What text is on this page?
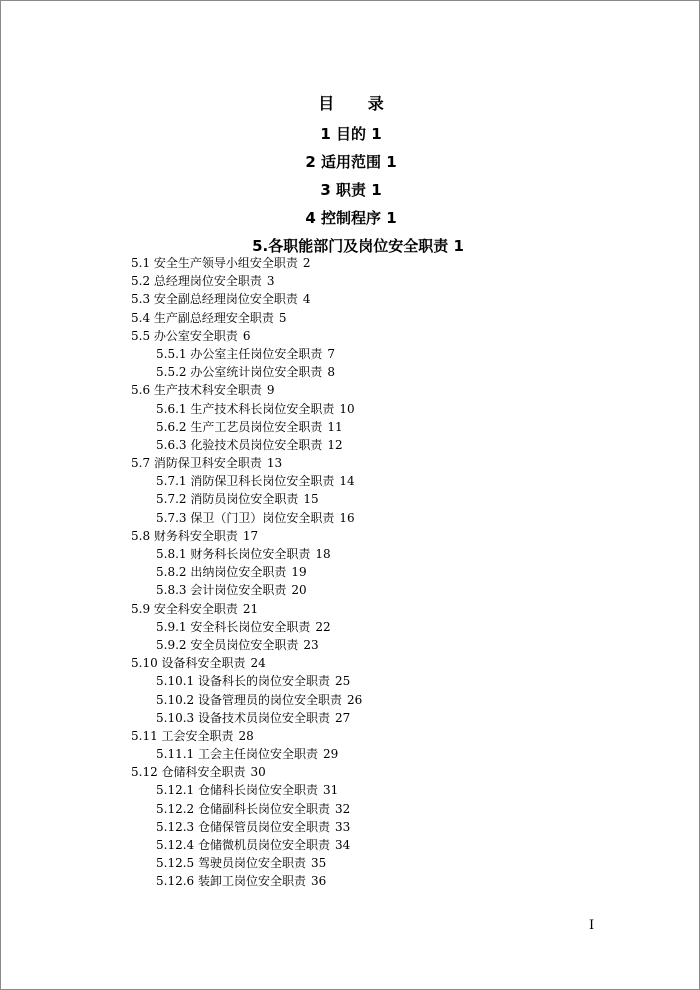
目 录
1 目的 1
2 适用范围 1
3 职责 1
4 控制程序 1
5.各职能部门及岗位安全职责 1
5.1 安全生产领导小组安全职责 2
5.2 总经理岗位安全职责 3
5.3 安全副总经理岗位安全职责 4
5.4 生产副总经理安全职责 5
5.5 办公室安全职责 6
5.5.1 办公室主任岗位安全职责 7
5.5.2 办公室统计岗位安全职责 8
5.6 生产技术科安全职责 9
5.6.1 生产技术科长岗位安全职责 10
5.6.2 生产工艺员岗位安全职责 11
5.6.3 化验技术员岗位安全职责 12
5.7 消防保卫科安全职责 13
5.7.1 消防保卫科长岗位安全职责 14
5.7.2 消防员岗位安全职责 15
5.7.3 保卫（门卫）岗位安全职责 16
5.8 财务科安全职责 17
5.8.1 财务科长岗位安全职责 18
5.8.2 出纳岗位安全职责 19
5.8.3 会计岗位安全职责 20
5.9 安全科安全职责 21
5.9.1 安全科长岗位安全职责 22
5.9.2 安全员岗位安全职责 23
5.10 设备科安全职责 24
5.10.1 设备科长的岗位安全职责 25
5.10.2 设备管理员的岗位安全职责 26
5.10.3 设备技术员岗位安全职责 27
5.11 工会安全职责 28
5.11.1 工会主任岗位安全职责 29
5.12 仓储科安全职责 30
5.12.1 仓储科长岗位安全职责 31
5.12.2 仓储副科长岗位安全职责 32
5.12.3 仓储保管员岗位安全职责 33
5.12.4 仓储微机员岗位安全职责 34
5.12.5 驾驶员岗位安全职责 35
5.12.6 装卸工岗位安全职责 36
I
